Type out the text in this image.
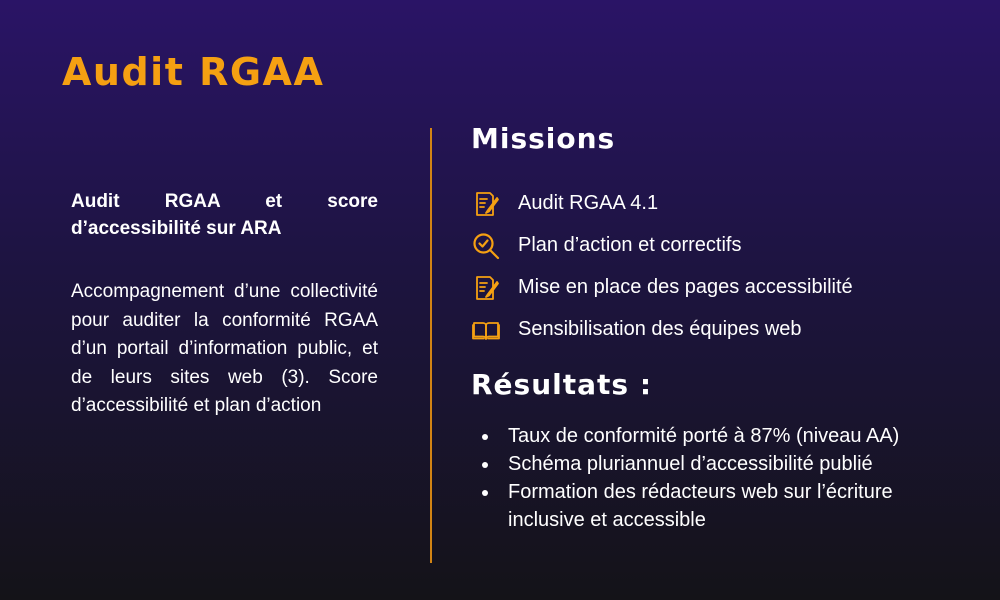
Audit RGAA

Audit RGAA et score d’accessibilité sur ARA

Accompagnement d’une collectivité pour auditer la conformité RGAA d’un portail d’information public, et de leurs sites web (3). Score d’accessibilité et plan d’action

Missions
Audit RGAA 4.1
Plan d’action et correctifs
Mise en place des pages accessibilité
Sensibilisation des équipes web
Résultats :
Taux de conformité porté à 87% (niveau AA)
Schéma pluriannuel d’accessibilité publié
Formation des rédacteurs web sur l’écriture inclusive et accessible
